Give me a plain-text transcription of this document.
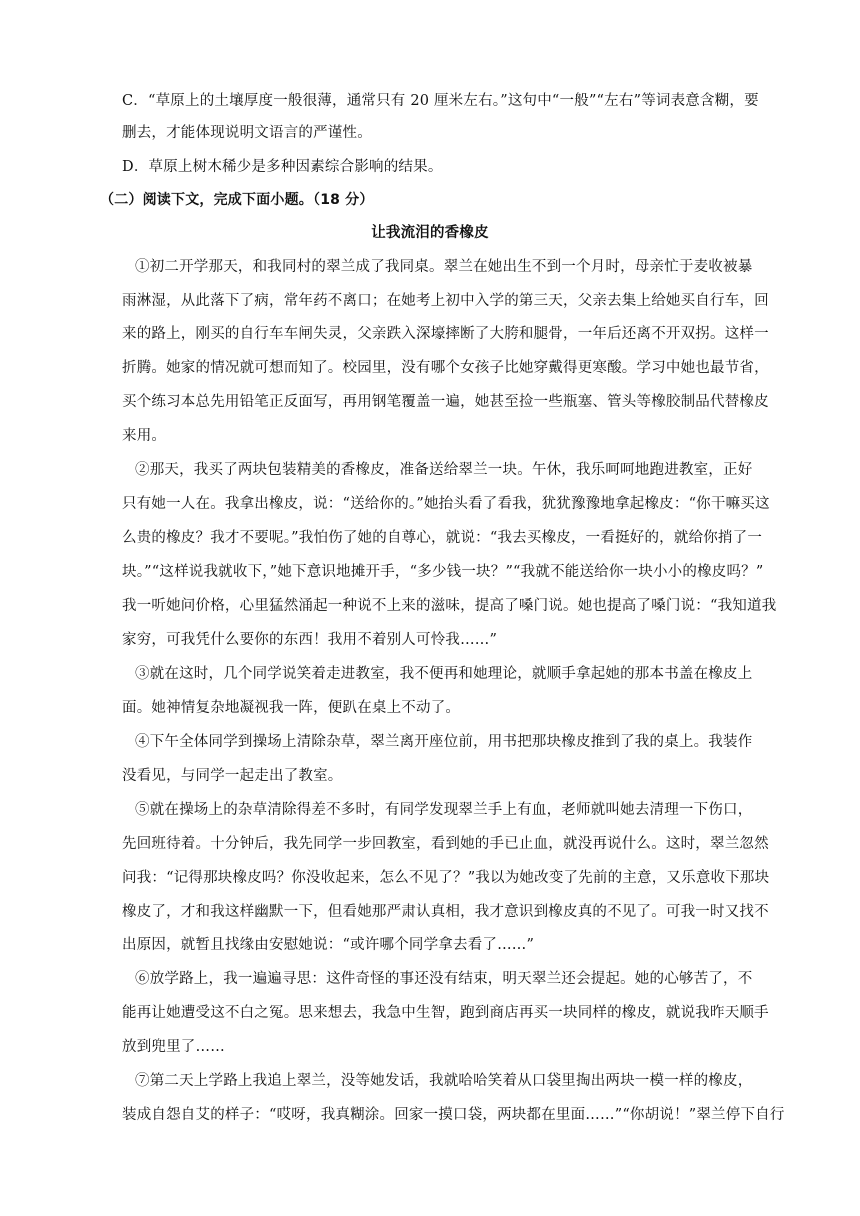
C．“草原上的土壤厚度一般很薄，通常只有 20 厘米左右。”这句中“一般”“左右”等词表意含糊，要
删去，才能体现说明文语言的严谨性。
D．草原上树木稀少是多种因素综合影响的结果。
（二）阅读下文，完成下面小题。（18 分）
让我流泪的香橡皮
①初二开学那天，和我同村的翠兰成了我同桌。翠兰在她出生不到一个月时，母亲忙于麦收被暴
雨淋湿，从此落下了病，常年药不离口；在她考上初中入学的第三天，父亲去集上给她买自行车，回
来的路上，刚买的自行车车闸失灵，父亲跌入深壕摔断了大胯和腿骨，一年后还离不开双拐。这样一
折腾。她家的情况就可想而知了。校园里，没有哪个女孩子比她穿戴得更寒酸。学习中她也最节省，
买个练习本总先用铅笔正反面写，再用钢笔覆盖一遍，她甚至捡一些瓶塞、管头等橡胶制品代替橡皮
来用。
②那天，我买了两块包装精美的香橡皮，准备送给翠兰一块。午休，我乐呵呵地跑进教室，正好
只有她一人在。我拿出橡皮，说：“送给你的。”她抬头看了看我，犹犹豫豫地拿起橡皮：“你干嘛买这
么贵的橡皮？我才不要呢。”我怕伤了她的自尊心，就说：“我去买橡皮，一看挺好的，就给你捎了一
块。”“这样说我就收下，”她下意识地摊开手，“多少钱一块？”“我就不能送给你一块小小的橡皮吗？”
我一听她问价格，心里猛然涌起一种说不上来的滋味，提高了嗓门说。她也提高了嗓门说：“我知道我
家穷，可我凭什么要你的东西！我用不着别人可怜我……”
③就在这时，几个同学说笑着走进教室，我不便再和她理论，就顺手拿起她的那本书盖在橡皮上
面。她神情复杂地凝视我一阵，便趴在桌上不动了。
④下午全体同学到操场上清除杂草，翠兰离开座位前，用书把那块橡皮推到了我的桌上。我装作
没看见，与同学一起走出了教室。
⑤就在操场上的杂草清除得差不多时，有同学发现翠兰手上有血，老师就叫她去清理一下伤口，
先回班待着。十分钟后，我先同学一步回教室，看到她的手已止血，就没再说什么。这时，翠兰忽然
问我：“记得那块橡皮吗？你没收起来，怎么不见了？”我以为她改变了先前的主意，又乐意收下那块
橡皮了，才和我这样幽默一下，但看她那严肃认真相，我才意识到橡皮真的不见了。可我一时又找不
出原因，就暂且找缘由安慰她说：“或许哪个同学拿去看了……”
⑥放学路上，我一遍遍寻思：这件奇怪的事还没有结束，明天翠兰还会提起。她的心够苦了，不
能再让她遭受这不白之冤。思来想去，我急中生智，跑到商店再买一块同样的橡皮，就说我昨天顺手
放到兜里了……
⑦第二天上学路上我追上翠兰，没等她发话，我就哈哈笑着从口袋里掏出两块一模一样的橡皮，
装成自怨自艾的样子：“哎呀，我真糊涂。回家一摸口袋，两块都在里面……”“你胡说！”翠兰停下自行
